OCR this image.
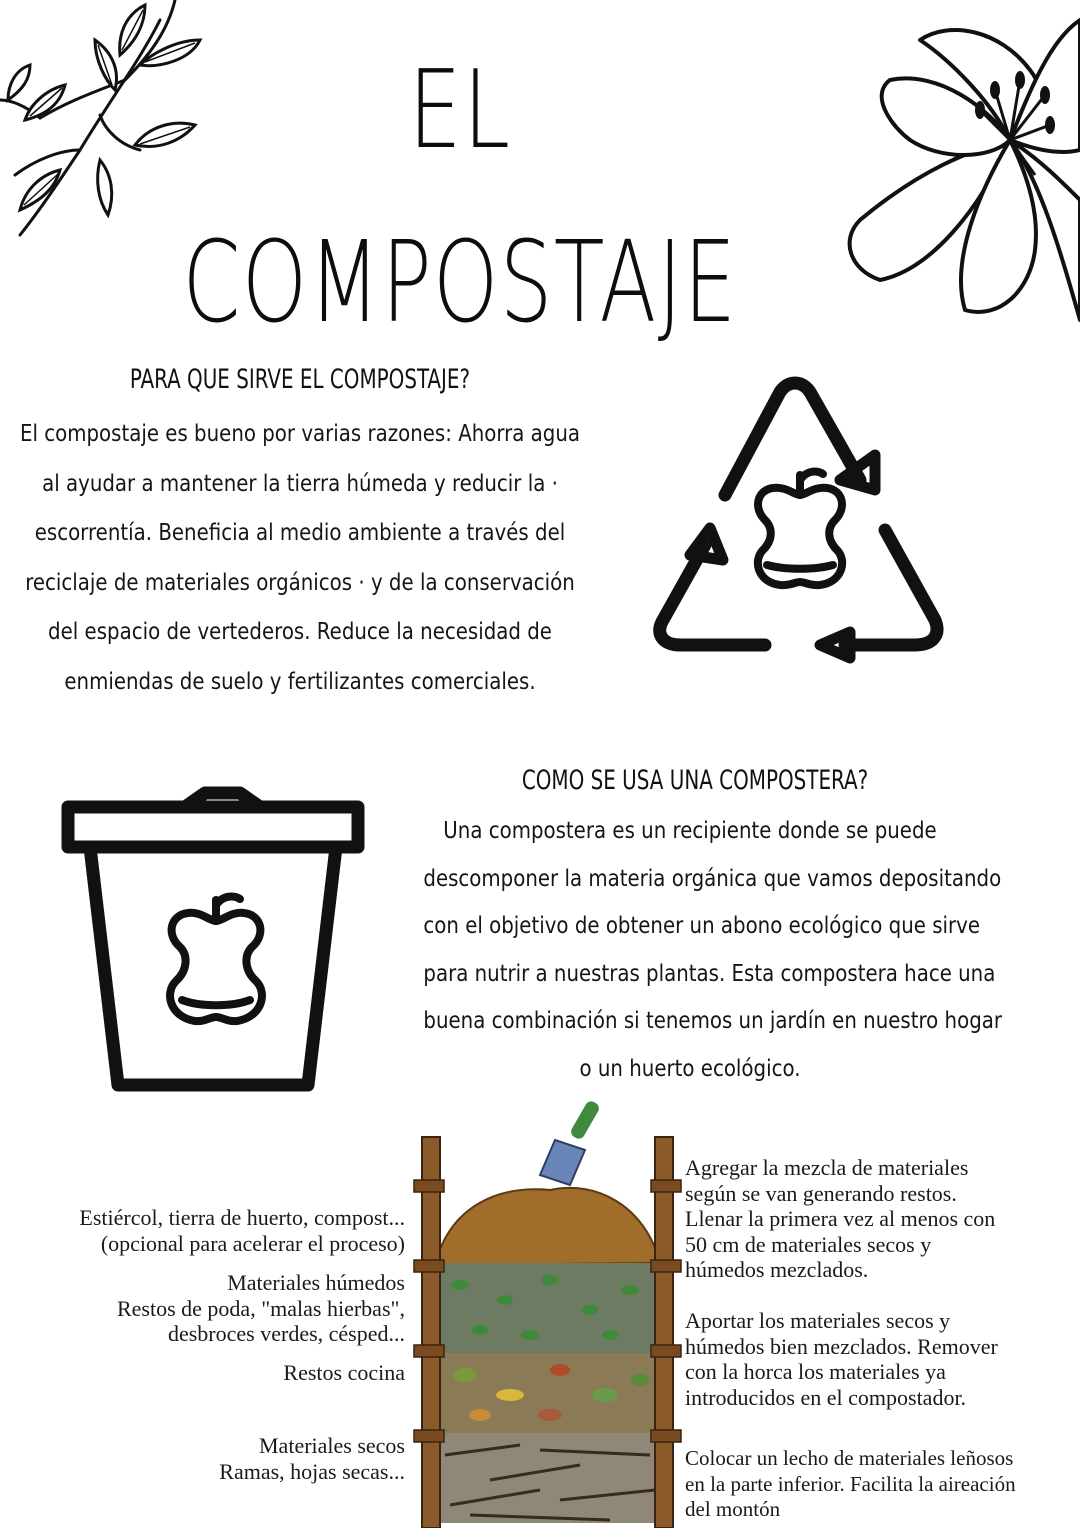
EL
COMPOSTAJE
PARA QUE SIRVE EL COMPOSTAJE?
El compostaje es bueno por varias razones: Ahorra agua
al ayudar a mantener la tierra húmeda y reducir la ·
escorrentía. Beneficia al medio ambiente a través del
reciclaje de materiales orgánicos · y de la conservación
del espacio de vertederos. Reduce la necesidad de
enmiendas de suelo y fertilizantes comerciales.
COMO SE USA UNA COMPOSTERA?
Una compostera es un recipiente donde se puede
descomponer la materia orgánica que vamos depositando
con el objetivo de obtener un abono ecológico que sirve
para nutrir a nuestras plantas. Esta compostera hace una
buena combinación si tenemos un jardín en nuestro hogar
o un huerto ecológico.
Estiércol, tierra de huerto, compost...
(opcional para acelerar el proceso)
Materiales húmedos
Restos de poda, "malas hierbas",
desbroces verdes, césped...
Restos cocina
Materiales secos
Ramas, hojas secas...
Agregar la mezcla de materiales
según se van generando restos.
Llenar la primera vez al menos con
50 cm de materiales secos y
húmedos mezclados.
Aportar los materiales secos y
húmedos bien mezclados. Remover
con la horca los materiales ya
introducidos en el compostador.
Colocar un lecho de materiales leñosos
en la parte inferior. Facilita la aireación
del montón
